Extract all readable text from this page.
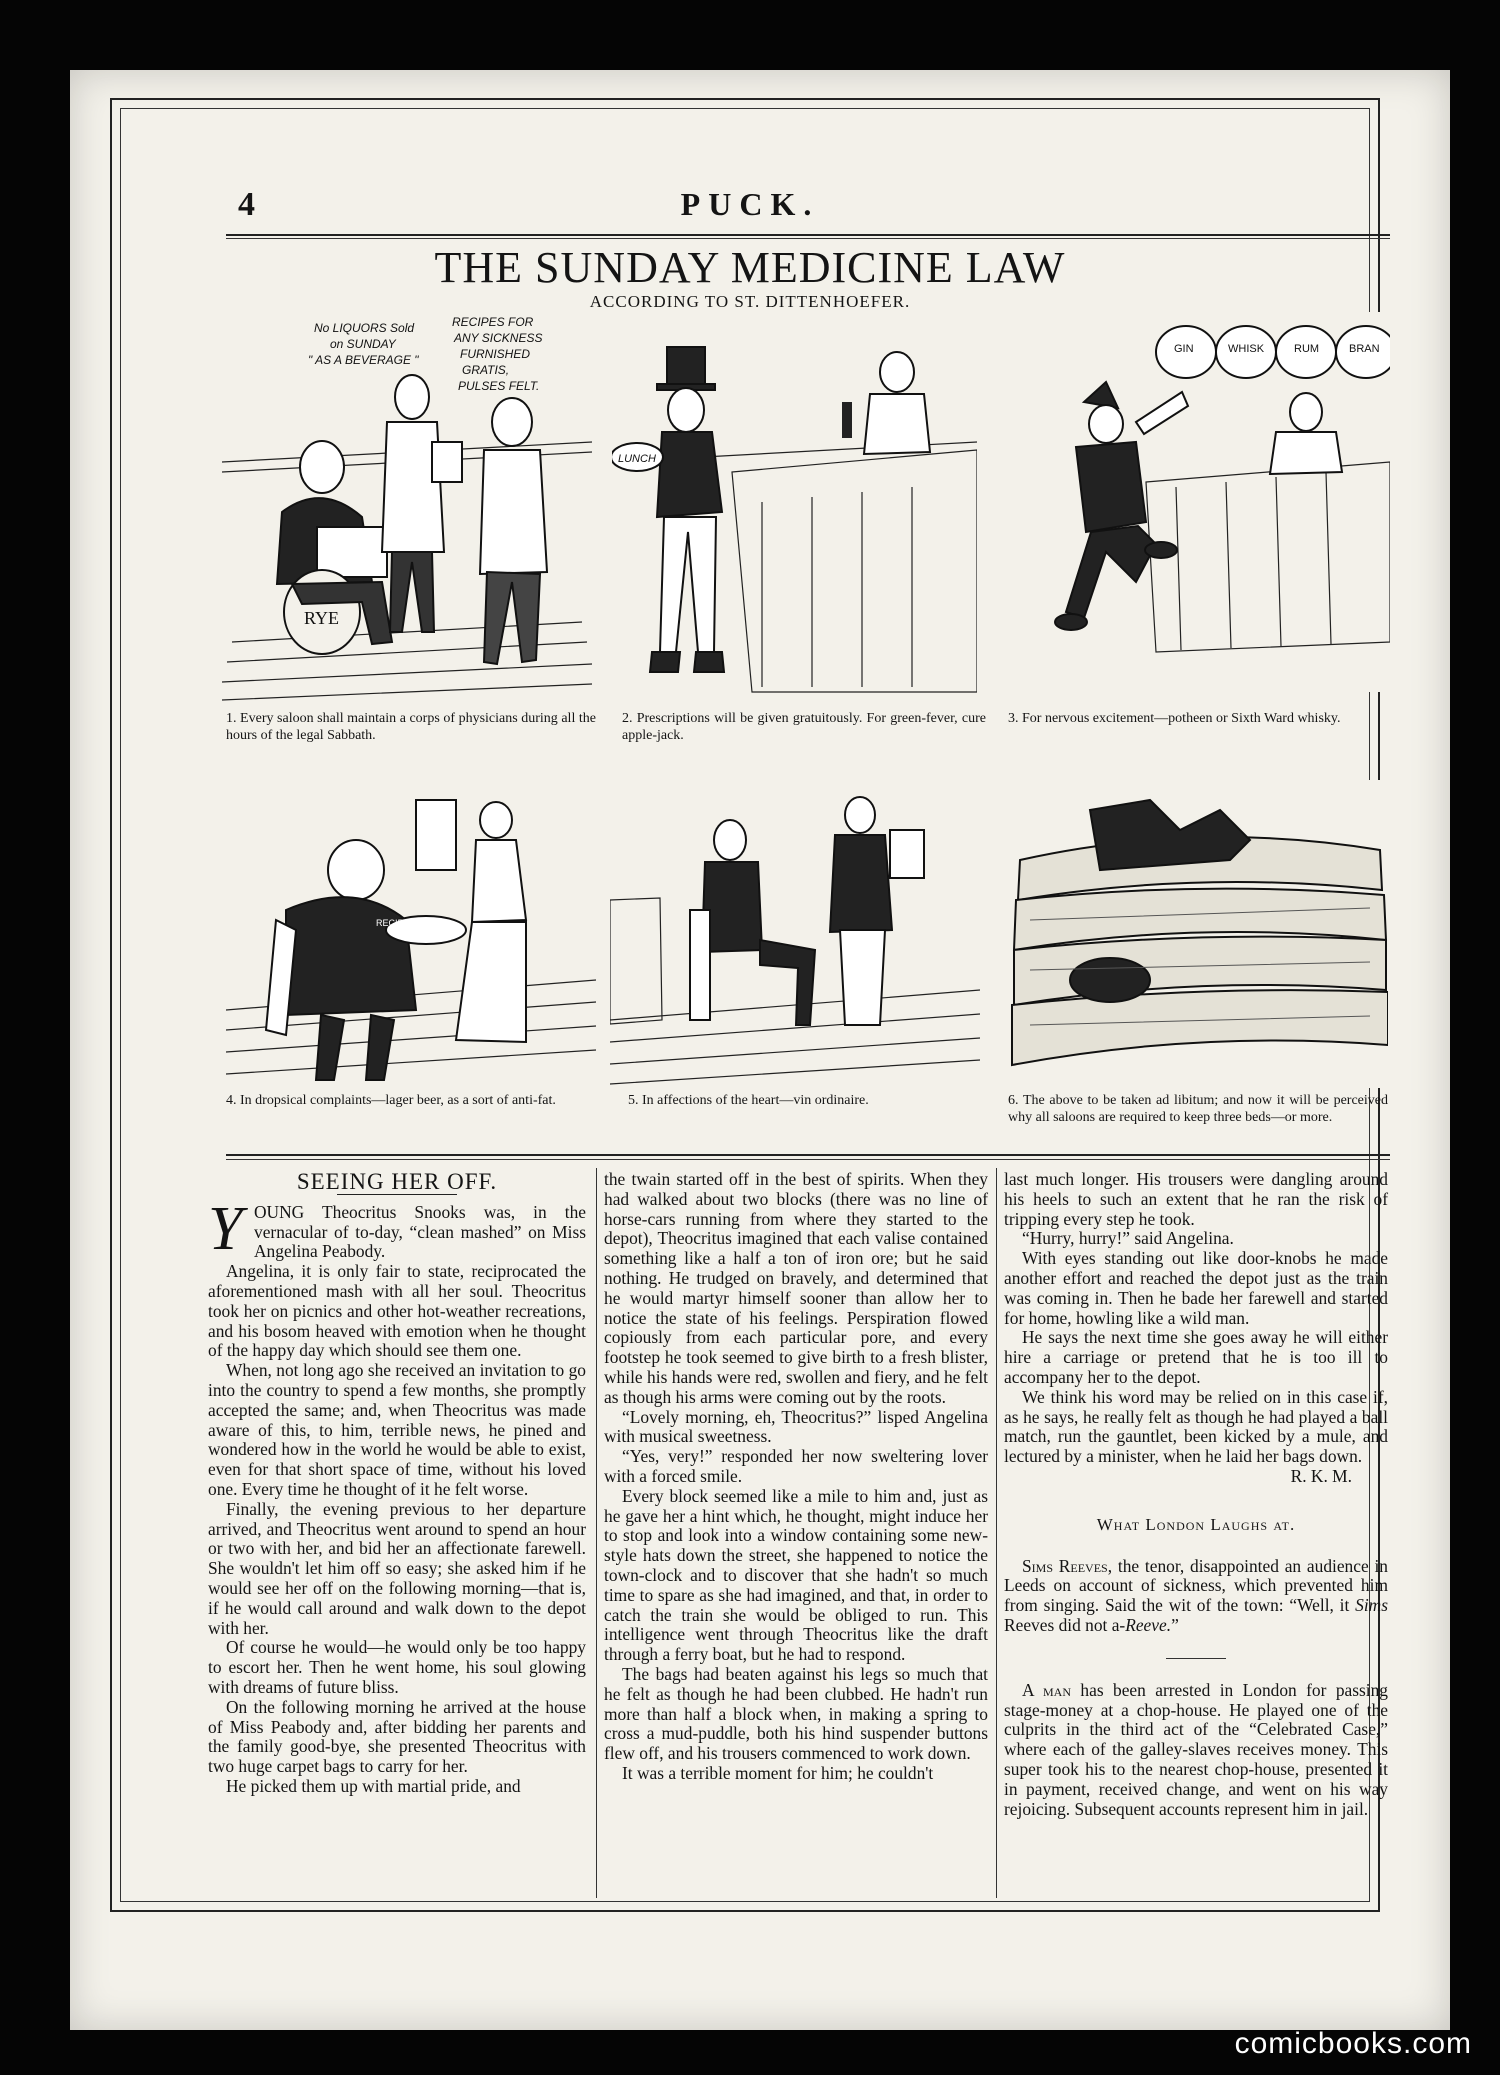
4	PUCK.
THE SUNDAY MEDICINE LAW
ACCORDING TO ST. DITTENHOEFER.
RYE
No LIQUORS Sold
on SUNDAY
" AS A BEVERAGE "
RECIPES FOR
ANY SICKNESS
FURNISHED
GRATIS,
PULSES FELT.
LUNCH
GIN	WHISK	RUM	BRAN
1. Every saloon shall maintain a corps of physicians during all the hours of the legal Sabbath.
2. Prescriptions will be given gratuitously. For green-fever, cure apple-jack.
3. For nervous excitement—potheen or Sixth Ward whisky.
RECIPE
4. In dropsical complaints—lager beer, as a sort of anti-fat.	5. In affections of the heart—vin ordinaire.	6. The above to be taken ad libitum; and now it will be perceived why all saloons are required to keep three beds—or more.
SEEING HER OFF.

YOUNG Theocritus Snooks was, in the vernacular of to-day, “clean mashed” on Miss Angelina Peabody.

Angelina, it is only fair to state, reciprocated the aforementioned mash with all her soul. Theocritus took her on picnics and other hot-weather recreations, and his bosom heaved with emotion when he thought of the happy day which should see them one.

When, not long ago she received an invitation to go into the country to spend a few months, she promptly accepted the same; and, when Theocritus was made aware of this, to him, terrible news, he pined and wondered how in the world he would be able to exist, even for that short space of time, without his loved one. Every time he thought of it he felt worse.

Finally, the evening previous to her departure arrived, and Theocritus went around to spend an hour or two with her, and bid her an affectionate farewell. She wouldn't let him off so easy; she asked him if he would see her off on the following morning—that is, if he would call around and walk down to the depot with her.

Of course he would—he would only be too happy to escort her. Then he went home, his soul glowing with dreams of future bliss.

On the following morning he arrived at the house of Miss Peabody and, after bidding her parents and the family good-bye, she presented Theocritus with two huge carpet bags to carry for her.

He picked them up with martial pride, and

the twain started off in the best of spirits. When they had walked about two blocks (there was no line of horse-cars running from where they started to the depot), Theocritus imagined that each valise contained something like a half a ton of iron ore; but he said nothing. He trudged on bravely, and determined that he would martyr himself sooner than allow her to notice the state of his feelings. Perspiration flowed copiously from each particular pore, and every footstep he took seemed to give birth to a fresh blister, while his hands were red, swollen and fiery, and he felt as though his arms were coming out by the roots.

“Lovely morning, eh, Theocritus?” lisped Angelina with musical sweetness.

“Yes, very!” responded her now sweltering lover with a forced smile.

Every block seemed like a mile to him and, just as he gave her a hint which, he thought, might induce her to stop and look into a window containing some new-style hats down the street, she happened to notice the town-clock and to discover that she hadn't so much time to spare as she had imagined, and that, in order to catch the train she would be obliged to run. This intelligence went through Theocritus like the draft through a ferry boat, but he had to respond.

The bags had beaten against his legs so much that he felt as though he had been clubbed. He hadn't run more than half a block when, in making a spring to cross a mud-puddle, both his hind suspender buttons flew off, and his trousers commenced to work down.

It was a terrible moment for him; he couldn't

last much longer. His trousers were dangling around his heels to such an extent that he ran the risk of tripping every step he took.

“Hurry, hurry!” said Angelina.

With eyes standing out like door-knobs he made another effort and reached the depot just as the train was coming in. Then he bade her farewell and started for home, howling like a wild man.

He says the next time she goes away he will either hire a carriage or pretend that he is too ill to accompany her to the depot.

We think his word may be relied on in this case if, as he says, he really felt as though he had played a ball match, run the gauntlet, been kicked by a mule, and lectured by a minister, when he laid her bags down.

R. K. M.

What London Laughs at.

Sims Reeves, the tenor, disappointed an audience in Leeds on account of sickness, which prevented him from singing. Said the wit of the town: “Well, it Sims Reeves did not a-Reeve.”

A man has been arrested in London for passing stage-money at a chop-house. He played one of the culprits in the third act of the “Celebrated Case,” where each of the galley-slaves receives money. This super took his to the nearest chop-house, presented it in payment, received change, and went on his way rejoicing. Subsequent accounts represent him in jail.

comicbooks.com
